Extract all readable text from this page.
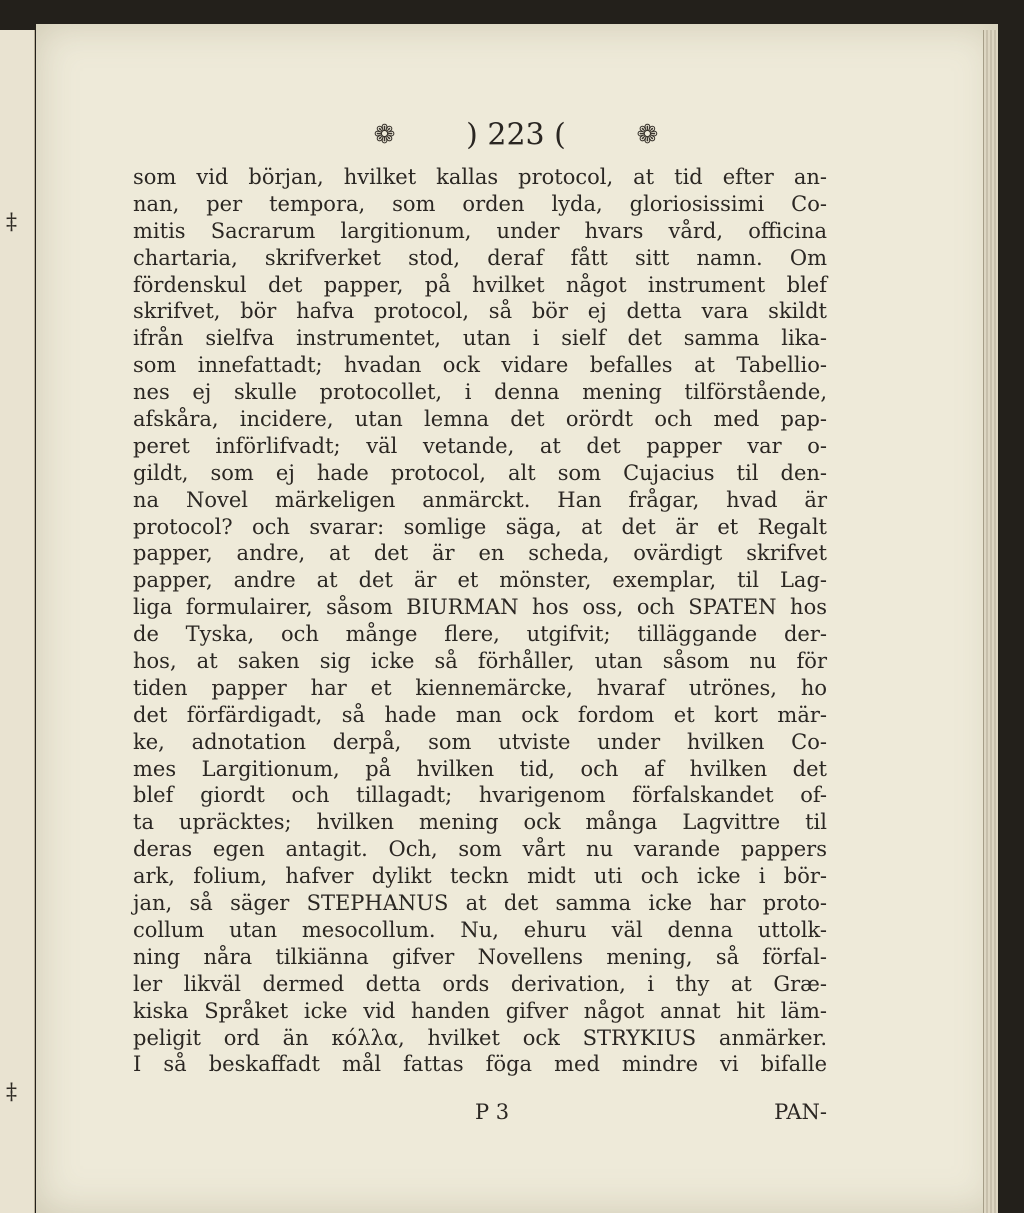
‡
‡
❁ ) 223 (	❁
som vid början, hvilket kallas protocol, at tid efter an-
nan, per tempora, som orden lyda, gloriosissimi Co-
mitis Sacrarum largitionum, under hvars vård, officina
chartaria, skrifverket stod, deraf fått sitt namn. Om
fördenskul det papper, på hvilket något instrument blef
skrifvet, bör hafva protocol, så bör ej detta vara skildt
ifrån sielfva instrumentet, utan i sielf det samma lika-
som innefattadt; hvadan ock vidare befalles at Tabellio-
nes ej skulle protocollet, i denna mening tilförstående,
afskåra, incidere, utan lemna det orördt och med pap-
peret införlifvadt; väl vetande, at det papper var o-
gildt, som ej hade protocol, alt som Cujacius til den-
na Novel märkeligen anmärckt. Han frågar, hvad är
protocol? och svarar: somlige säga, at det är et Regalt
papper, andre, at det är en scheda, ovärdigt skrifvet
papper, andre at det är et mönster, exemplar, til Lag-
liga formulairer, såsom BIURMAN hos oss, och SPATEN hos
de Tyska, och månge flere, utgifvit; tilläggande der-
hos, at saken sig icke så förhåller, utan såsom nu för
tiden papper har et kiennemärcke, hvaraf utrönes, ho
det förfärdigadt, så hade man ock fordom et kort mär-
ke, adnotation derpå, som utviste under hvilken Co-
mes Largitionum, på hvilken tid, och af hvilken det
blef giordt och tillagadt; hvarigenom förfalskandet of-
ta upräcktes; hvilken mening ock många Lagvittre til
deras egen antagit. Och, som vårt nu varande pappers
ark, folium, hafver dylikt teckn midt uti och icke i bör-
jan, så säger STEPHANUS at det samma icke har proto-
collum utan mesocollum. Nu, ehuru väl denna uttolk-
ning nåra tilkiänna gifver Novellens mening, så förfal-
ler likväl dermed detta ords derivation, i thy at Græ-
kiska Språket icke vid handen gifver något annat hit läm-
peligit ord än κόλλα, hvilket ock STRYKIUS anmärker.
I så beskaffadt mål fattas föga med mindre vi bifalle
P 3	PAN-
